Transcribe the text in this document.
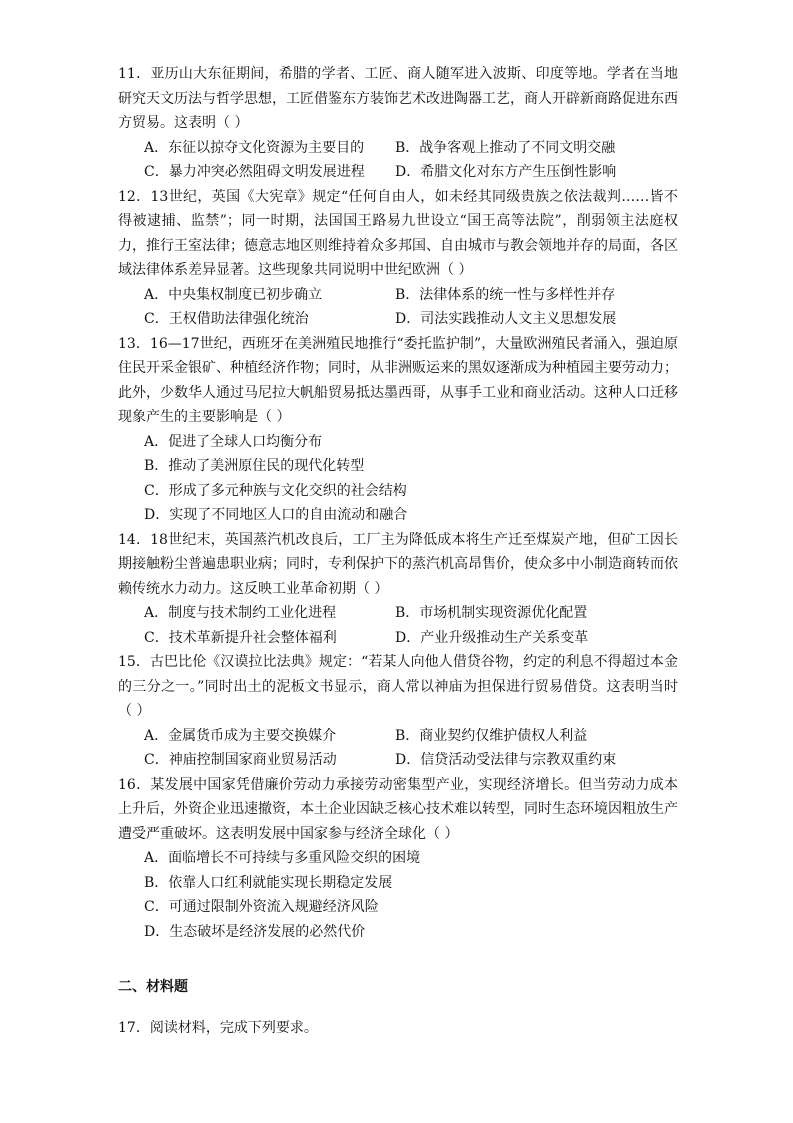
11．亚历山大东征期间，希腊的学者、工匠、商人随军进入波斯、印度等地。学者在当地研究天文历法与哲学思想，工匠借鉴东方装饰艺术改进陶器工艺，商人开辟新商路促进东西方贸易。这表明（ ）

A．东征以掠夺文化资源为主要目的	B．战争客观上推动了不同文明交融
C．暴力冲突必然阻碍文明发展进程	D．希腊文化对东方产生压倒性影响

12．13世纪，英国《大宪章》规定“任何自由人，如未经其同级贵族之依法裁判……皆不得被逮捕、监禁”；同一时期，法国国王路易九世设立“国王高等法院”，削弱领主法庭权力，推行王室法律；德意志地区则维持着众多邦国、自由城市与教会领地并存的局面，各区域法律体系差异显著。这些现象共同说明中世纪欧洲（ ）

A．中央集权制度已初步确立	B．法律体系的统一性与多样性并存
C．王权借助法律强化统治	D．司法实践推动人文主义思想发展

13．16—17世纪，西班牙在美洲殖民地推行“委托监护制”，大量欧洲殖民者涌入，强迫原住民开采金银矿、种植经济作物；同时，从非洲贩运来的黑奴逐渐成为种植园主要劳动力；此外，少数华人通过马尼拉大帆船贸易抵达墨西哥，从事手工业和商业活动。这种人口迁移现象产生的主要影响是（ ）

A．促进了全球人口均衡分布
B．推动了美洲原住民的现代化转型
C．形成了多元种族与文化交织的社会结构
D．实现了不同地区人口的自由流动和融合

14．18世纪末，英国蒸汽机改良后，工厂主为降低成本将生产迁至煤炭产地，但矿工因长期接触粉尘普遍患职业病；同时，专利保护下的蒸汽机高昂售价，使众多中小制造商转而依赖传统水力动力。这反映工业革命初期（ ）

A．制度与技术制约工业化进程	B．市场机制实现资源优化配置
C．技术革新提升社会整体福利	D．产业升级推动生产关系变革

15．古巴比伦《汉谟拉比法典》规定：“若某人向他人借贷谷物，约定的利息不得超过本金的三分之一。”同时出土的泥板文书显示，商人常以神庙为担保进行贸易借贷。这表明当时（ ）

A．金属货币成为主要交换媒介	B．商业契约仅维护债权人利益
C．神庙控制国家商业贸易活动	D．信贷活动受法律与宗教双重约束

16．某发展中国家凭借廉价劳动力承接劳动密集型产业，实现经济增长。但当劳动力成本上升后，外资企业迅速撤资，本土企业因缺乏核心技术难以转型，同时生态环境因粗放生产遭受严重破坏。这表明发展中国家参与经济全球化（ ）

A．面临增长不可持续与多重风险交织的困境
B．依靠人口红利就能实现长期稳定发展
C．可通过限制外资流入规避经济风险
D．生态破坏是经济发展的必然代价
二、材料题

17．阅读材料，完成下列要求。
